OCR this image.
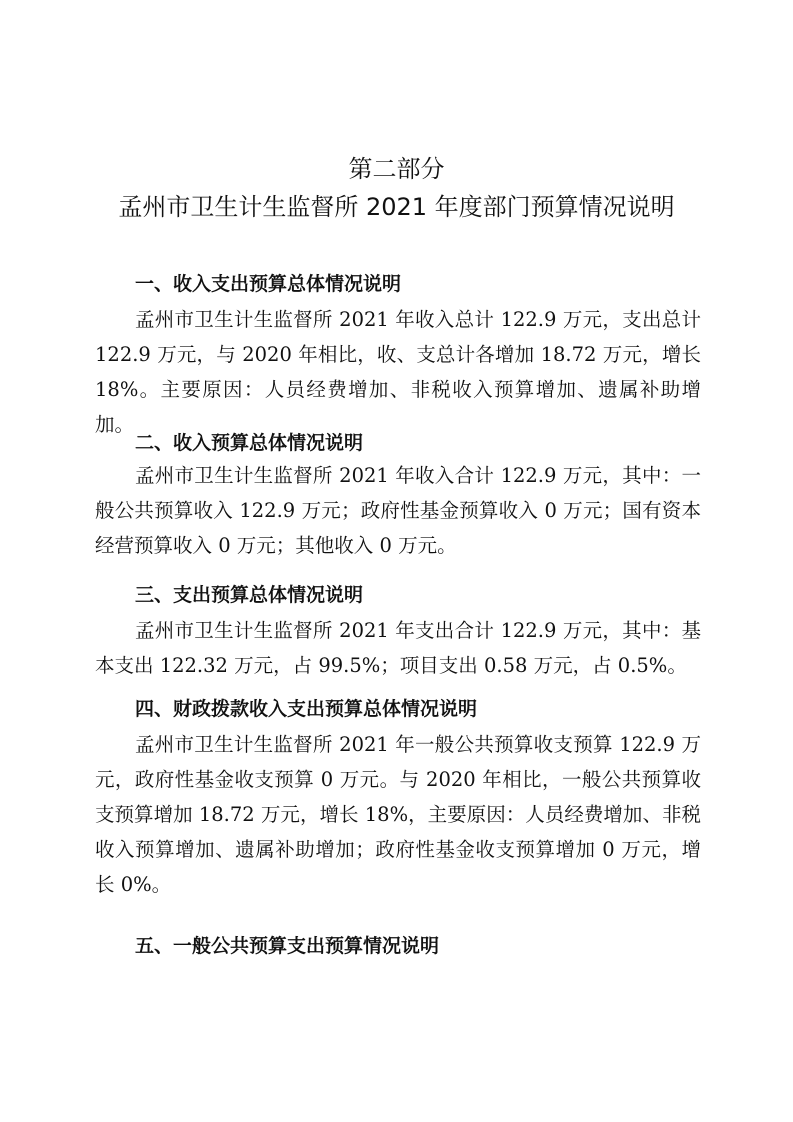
第二部分
孟州市卫生计生监督所 2021 年度部门预算情况说明
一、收入支出预算总体情况说明

孟州市卫生计生监督所 2021 年收入总计 122.9 万元，支出总计 122.9 万元，与 2020 年相比，收、支总计各增加 18.72 万元，增长 18%。主要原因：人员经费增加、非税收入预算增加、遗属补助增加。

二、收入预算总体情况说明

孟州市卫生计生监督所 2021 年收入合计 122.9 万元，其中：一般公共预算收入 122.9 万元；政府性基金预算收入 0 万元；国有资本经营预算收入 0 万元；其他收入 0 万元。

三、支出预算总体情况说明

孟州市卫生计生监督所 2021 年支出合计 122.9 万元，其中：基本支出 122.32 万元，占 99.5%；项目支出 0.58 万元，占 0.5%。

四、财政拨款收入支出预算总体情况说明

孟州市卫生计生监督所 2021 年一般公共预算收支预算 122.9 万元，政府性基金收支预算 0 万元。与 2020 年相比，一般公共预算收支预算增加 18.72 万元，增长 18%，主要原因：人员经费增加、非税收入预算增加、遗属补助增加；政府性基金收支预算增加 0 万元，增长 0%。

五、一般公共预算支出预算情况说明
